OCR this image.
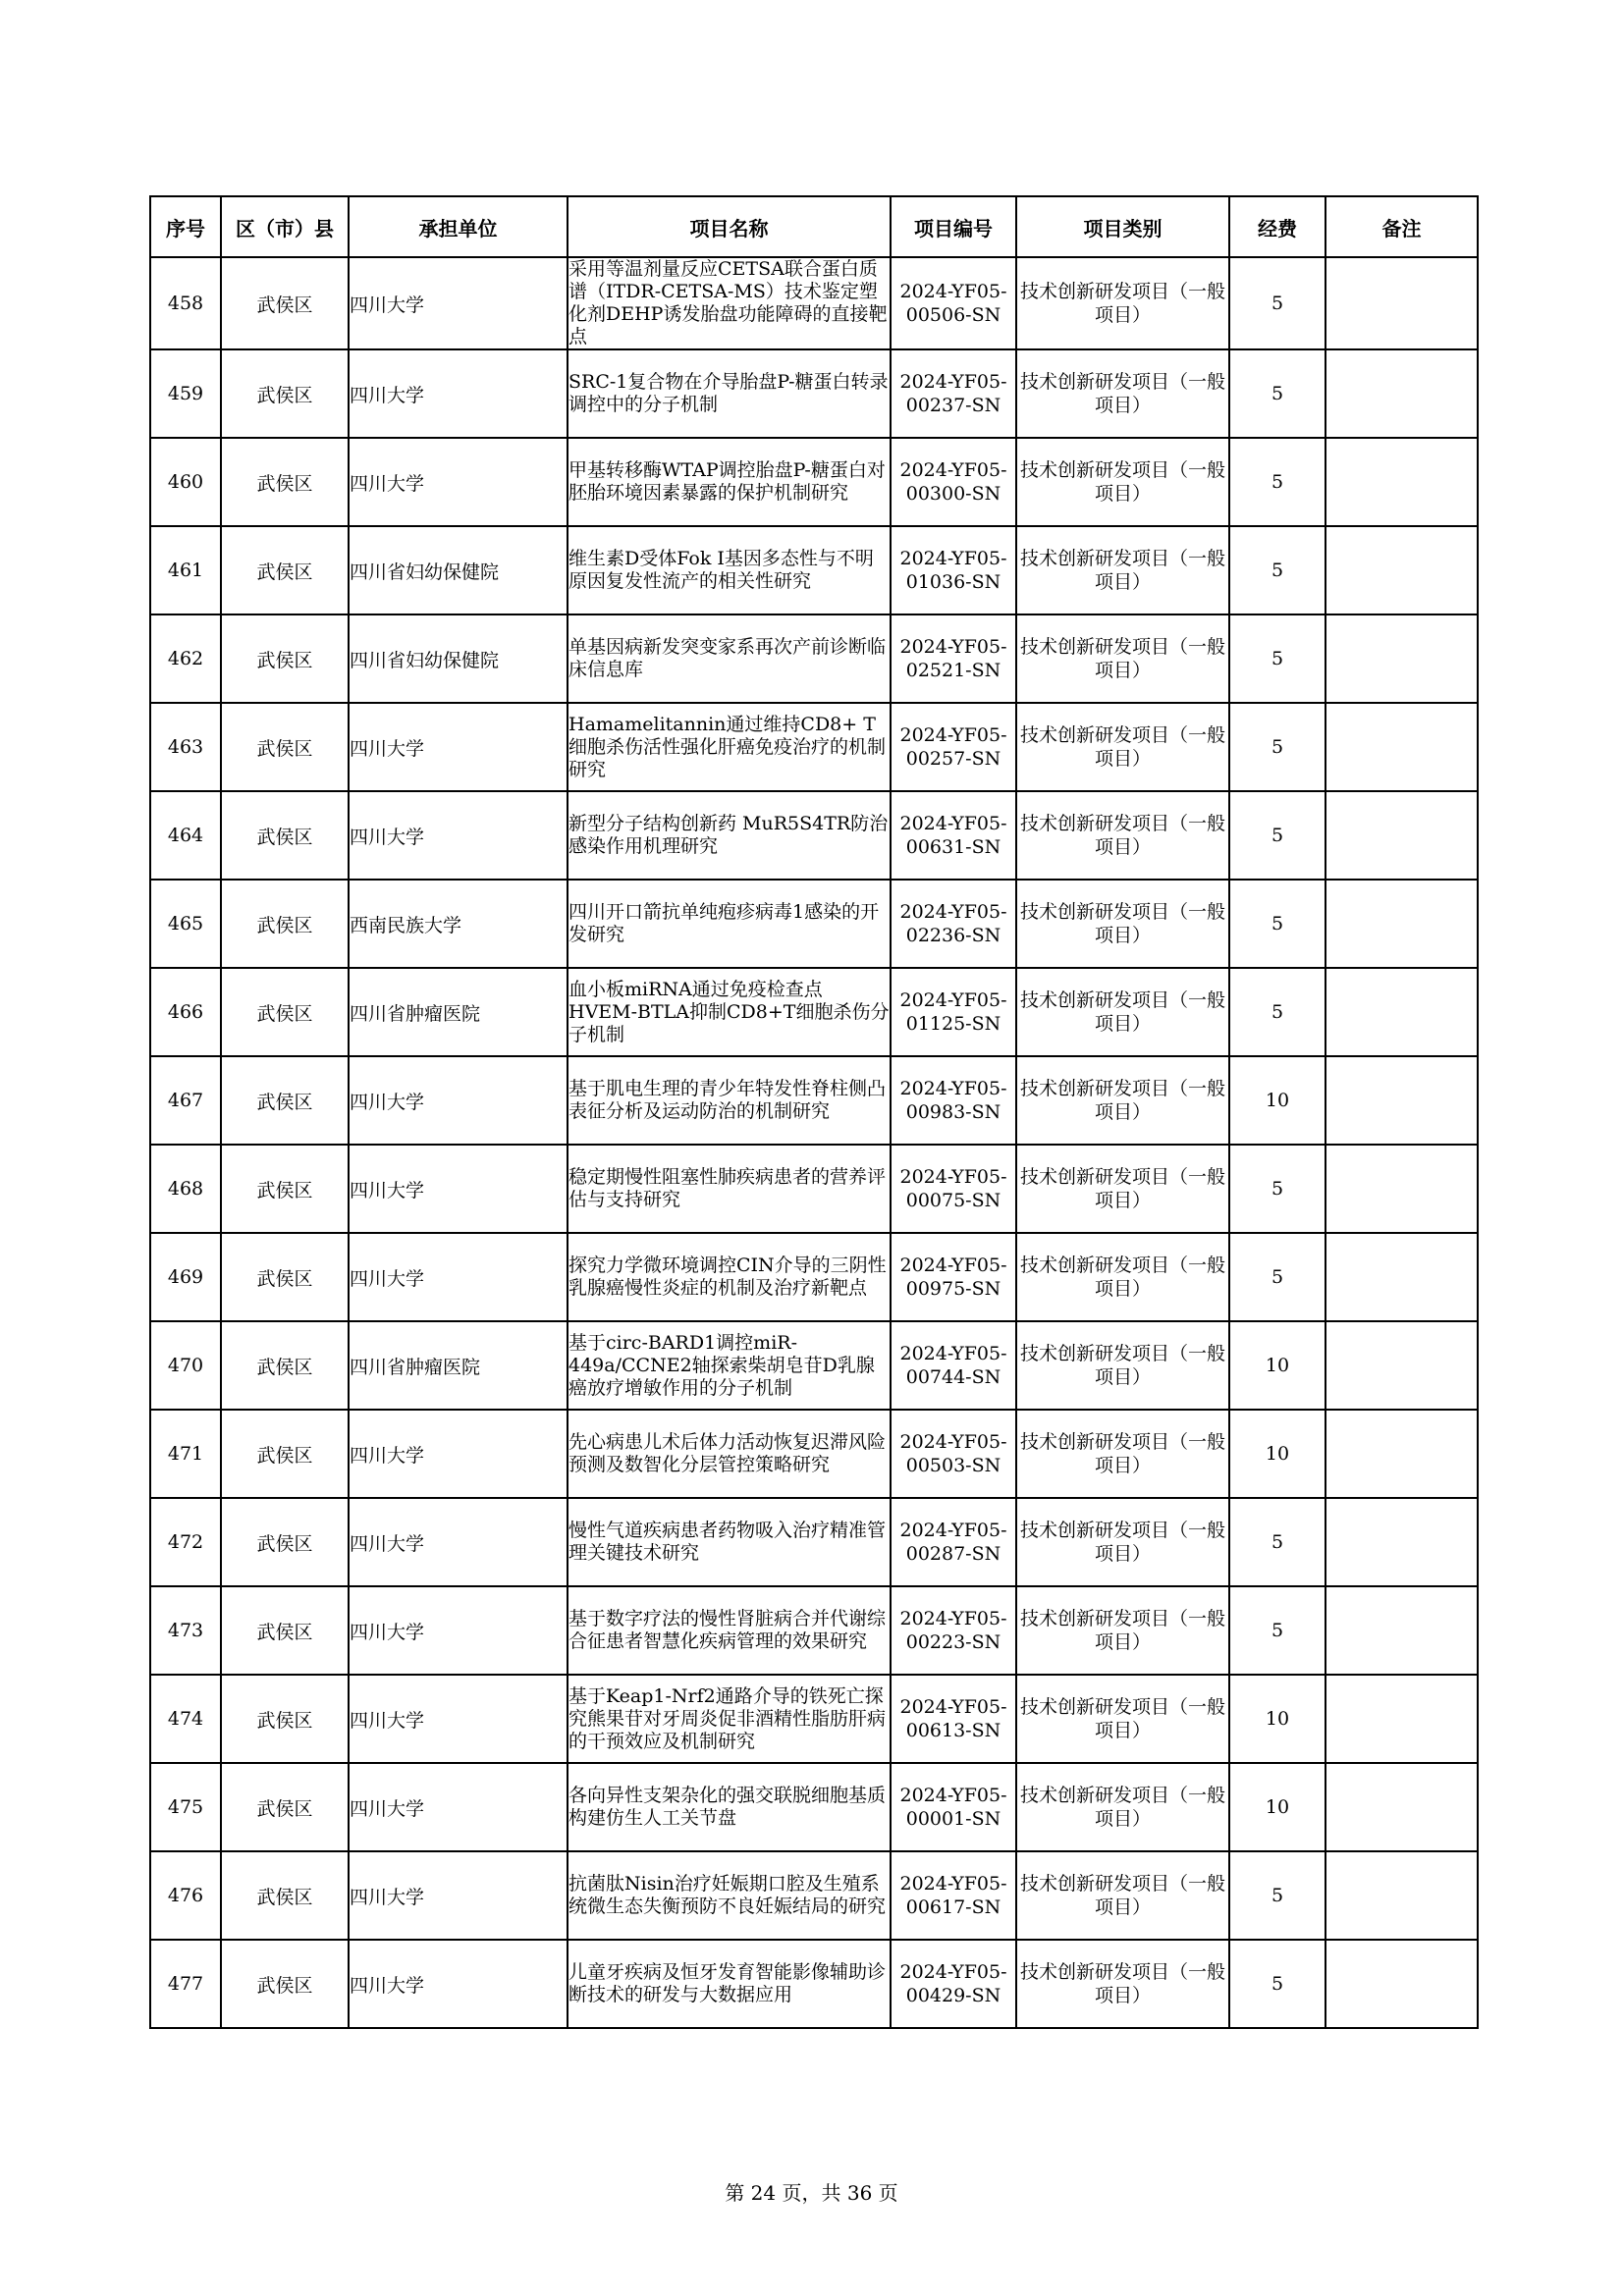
序号	区（市）县	承担单位	项目名称	项目编号	项目类别	经费	备注
458	武侯区	四川大学	采用等温剂量反应CETSA联合蛋白质谱（ITDR-CETSA-MS）技术鉴定塑化剂DEHP诱发胎盘功能障碍的直接靶点	2024-YF05-00506-SN	技术创新研发项目（一般项目）	5	
459	武侯区	四川大学	SRC-1复合物在介导胎盘P-糖蛋白转录调控中的分子机制	2024-YF05-00237-SN	技术创新研发项目（一般项目）	5	
460	武侯区	四川大学	甲基转移酶WTAP调控胎盘P-糖蛋白对胚胎环境因素暴露的保护机制研究	2024-YF05-00300-SN	技术创新研发项目（一般项目）	5	
461	武侯区	四川省妇幼保健院	维生素D受体Fok I基因多态性与不明原因复发性流产的相关性研究	2024-YF05-01036-SN	技术创新研发项目（一般项目）	5	
462	武侯区	四川省妇幼保健院	单基因病新发突变家系再次产前诊断临床信息库	2024-YF05-02521-SN	技术创新研发项目（一般项目）	5	
463	武侯区	四川大学	Hamamelitannin通过维持CD8+ T细胞杀伤活性强化肝癌免疫治疗的机制研究	2024-YF05-00257-SN	技术创新研发项目（一般项目）	5	
464	武侯区	四川大学	新型分子结构创新药 MuR5S4TR防治感染作用机理研究	2024-YF05-00631-SN	技术创新研发项目（一般项目）	5	
465	武侯区	西南民族大学	四川开口箭抗单纯疱疹病毒1感染的开发研究	2024-YF05-02236-SN	技术创新研发项目（一般项目）	5	
466	武侯区	四川省肿瘤医院	血小板miRNA通过免疫检查点HVEM-BTLA抑制CD8+T细胞杀伤分子机制	2024-YF05-01125-SN	技术创新研发项目（一般项目）	5	
467	武侯区	四川大学	基于肌电生理的青少年特发性脊柱侧凸表征分析及运动防治的机制研究	2024-YF05-00983-SN	技术创新研发项目（一般项目）	10	
468	武侯区	四川大学	稳定期慢性阻塞性肺疾病患者的营养评估与支持研究	2024-YF05-00075-SN	技术创新研发项目（一般项目）	5	
469	武侯区	四川大学	探究力学微环境调控CIN介导的三阴性乳腺癌慢性炎症的机制及治疗新靶点	2024-YF05-00975-SN	技术创新研发项目（一般项目）	5	
470	武侯区	四川省肿瘤医院	基于circ-BARD1调控miR-449a/CCNE2轴探索柴胡皂苷D乳腺癌放疗增敏作用的分子机制	2024-YF05-00744-SN	技术创新研发项目（一般项目）	10	
471	武侯区	四川大学	先心病患儿术后体力活动恢复迟滞风险预测及数智化分层管控策略研究	2024-YF05-00503-SN	技术创新研发项目（一般项目）	10	
472	武侯区	四川大学	慢性气道疾病患者药物吸入治疗精准管理关键技术研究	2024-YF05-00287-SN	技术创新研发项目（一般项目）	5	
473	武侯区	四川大学	基于数字疗法的慢性肾脏病合并代谢综合征患者智慧化疾病管理的效果研究	2024-YF05-00223-SN	技术创新研发项目（一般项目）	5	
474	武侯区	四川大学	基于Keap1-Nrf2通路介导的铁死亡探究熊果苷对牙周炎促非酒精性脂肪肝病的干预效应及机制研究	2024-YF05-00613-SN	技术创新研发项目（一般项目）	10	
475	武侯区	四川大学	各向异性支架杂化的强交联脱细胞基质构建仿生人工关节盘	2024-YF05-00001-SN	技术创新研发项目（一般项目）	10	
476	武侯区	四川大学	抗菌肽Nisin治疗妊娠期口腔及生殖系统微生态失衡预防不良妊娠结局的研究	2024-YF05-00617-SN	技术创新研发项目（一般项目）	5	
477	武侯区	四川大学	儿童牙疾病及恒牙发育智能影像辅助诊断技术的研发与大数据应用	2024-YF05-00429-SN	技术创新研发项目（一般项目）	5	
第 24 页，共 36 页
